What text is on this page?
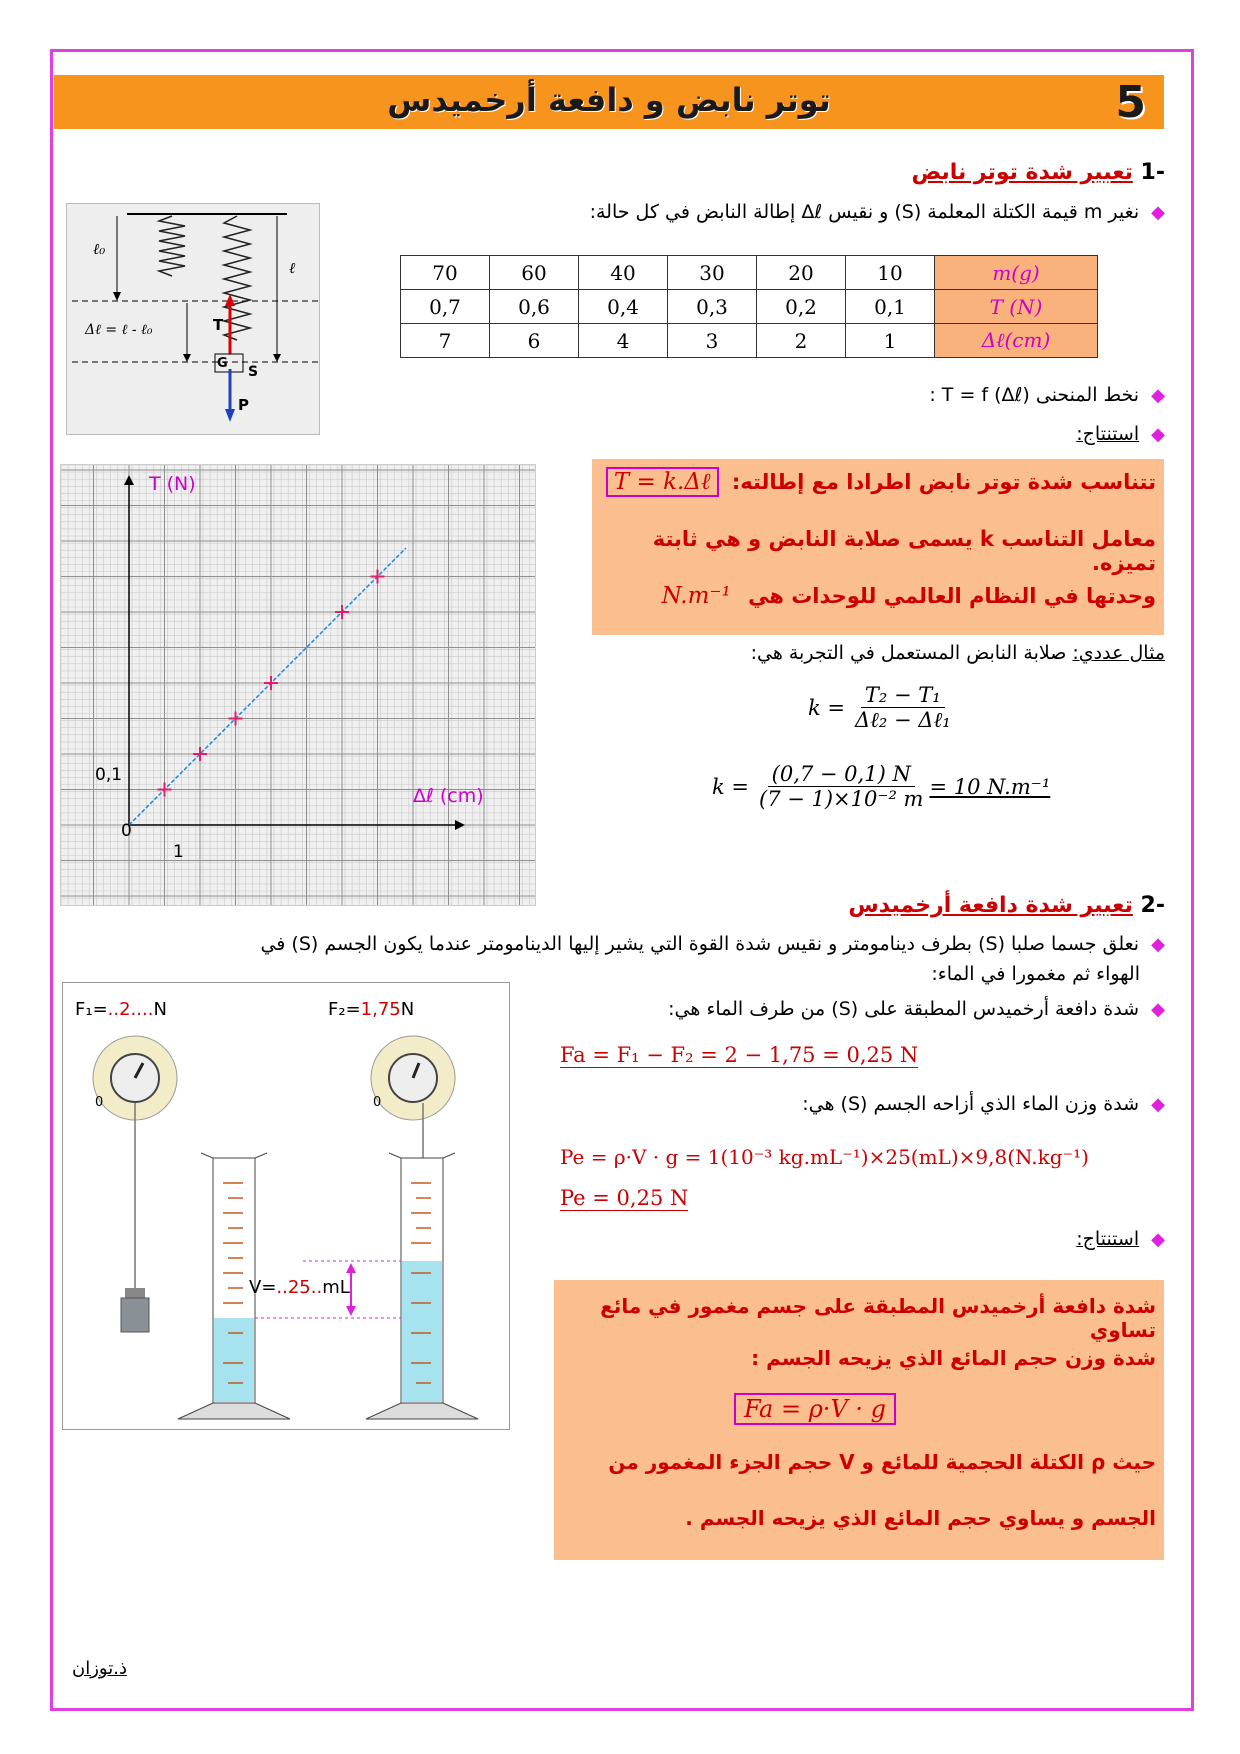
5
توتر نابض و دافعة أرخميدس
-1 تعبير شدة توتر نابض
◆ نغير m قيمة الكتلة المعلمة (S) و نقيس Δℓ إطالة النابض في كل حالة:
ℓ₀
ℓ
Δℓ = ℓ - ℓ₀	T
G
S
P
70	60	40	30	20	10	m(g)
0,7	0,6	0,4	0,3	0,2	0,1	T (N)
7	6	4	3	2	1	Δℓ(cm)
◆ نخط المنحنى T = f (Δℓ) :
◆ استنتاج:
T (N)
Δℓ (cm)
0,1
1
0
تتناسب شدة توتر نابض اطرادا مع إطالته: T = k.Δℓ
معامل التناسب k يسمى صلابة النابض و هي ثابتة تميزه.
وحدتها في النظام العالمي للوحدات هي N.m⁻¹
مثال عددي: صلابة النابض المستعمل في التجربة هي:
k =
T₂ − T₁
Δℓ₂ − Δℓ₁
$k = \frac{(0,7 - 0,1) N}{\text{(7 − 1)×10⁻² m}} = 10$ N.m⁻¹
-2 تعبير شدة دافعة أرخميدس
◆ نعلق جسما صلبا (S) بطرف دينامومتر و نقيس شدة القوة التي يشير إليها الدينامومتر عندما يكون الجسم (S) في
الهواء ثم مغمورا في الماء:
◆ شدة دافعة أرخميدس المطبقة على (S) من طرف الماء هي:
Fa = F₁ − F₂ = 2 − 1,75 = 0,25 N
◆ شدة وزن الماء الذي أزاحه الجسم (S) هي:
Pe = ρ·V · g = 1(10⁻³ kg.mL⁻¹)×25(mL)×9,8(N.kg⁻¹)
Pe = 0,25 N
◆ استنتاج:
F₁=..2....N	F₂=1,75N
V=..25..mL
0	0
شدة دافعة أرخميدس المطبقة على جسم مغمور في مائع تساوي
شدة وزن حجم المائع الذي يزيحه الجسم :
Fa = ρ·V · g
حيث ρ الكتلة الحجمية للمائع و V حجم الجزء المغمور من
الجسم و يساوي حجم المائع الذي يزيحه الجسم .
ذ.توزان
